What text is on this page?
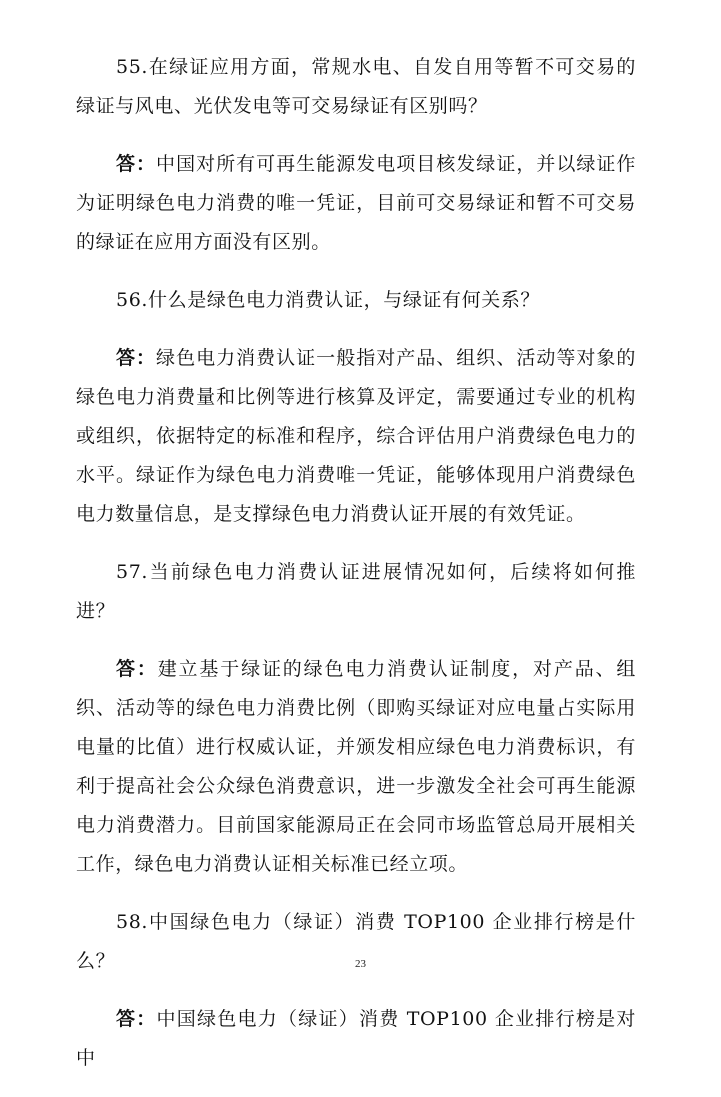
55.在绿证应用方面，常规水电、自发自用等暂不可交易的绿证与风电、光伏发电等可交易绿证有区别吗？

答：中国对所有可再生能源发电项目核发绿证，并以绿证作为证明绿色电力消费的唯一凭证，目前可交易绿证和暂不可交易的绿证在应用方面没有区别。

56.什么是绿色电力消费认证，与绿证有何关系？

答：绿色电力消费认证一般指对产品、组织、活动等对象的绿色电力消费量和比例等进行核算及评定，需要通过专业的机构或组织，依据特定的标准和程序，综合评估用户消费绿色电力的水平。绿证作为绿色电力消费唯一凭证，能够体现用户消费绿色电力数量信息，是支撑绿色电力消费认证开展的有效凭证。

57.当前绿色电力消费认证进展情况如何，后续将如何推进？

答：建立基于绿证的绿色电力消费认证制度，对产品、组织、活动等的绿色电力消费比例（即购买绿证对应电量占实际用电量的比值）进行权威认证，并颁发相应绿色电力消费标识，有利于提高社会公众绿色消费意识，进一步激发全社会可再生能源电力消费潜力。目前国家能源局正在会同市场监管总局开展相关工作，绿色电力消费认证相关标准已经立项。

58.中国绿色电力（绿证）消费 TOP100 企业排行榜是什么？

答：中国绿色电力（绿证）消费 TOP100 企业排行榜是对中

23
